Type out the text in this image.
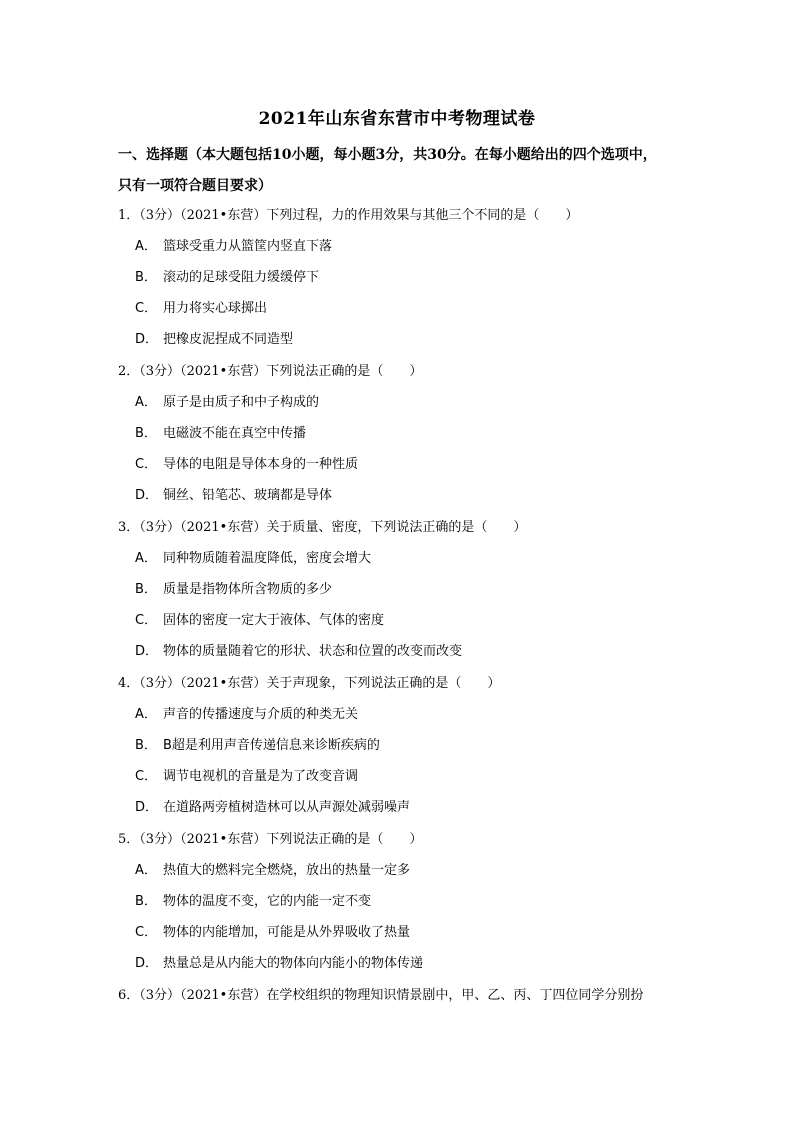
2021年山东省东营市中考物理试卷
一、选择题（本大题包括10小题，每小题3分，共30分。在每小题给出的四个选项中，
只有一项符合题目要求）
1．（3分）（2021•东营）下列过程，力的作用效果与其他三个不同的是（　　）
A． 篮球受重力从篮筐内竖直下落
B． 滚动的足球受阻力缓缓停下
C． 用力将实心球掷出
D． 把橡皮泥捏成不同造型
2．（3分）（2021•东营）下列说法正确的是（　　）
A． 原子是由质子和中子构成的
B． 电磁波不能在真空中传播
C． 导体的电阻是导体本身的一种性质
D． 铜丝、铅笔芯、玻璃都是导体
3．（3分）（2021•东营）关于质量、密度，下列说法正确的是（　　）
A． 同种物质随着温度降低，密度会增大
B． 质量是指物体所含物质的多少
C． 固体的密度一定大于液体、气体的密度
D． 物体的质量随着它的形状、状态和位置的改变而改变
4．（3分）（2021•东营）关于声现象，下列说法正确的是（　　）
A． 声音的传播速度与介质的种类无关
B． B超是利用声音传递信息来诊断疾病的
C． 调节电视机的音量是为了改变音调
D． 在道路两旁植树造林可以从声源处减弱噪声
5．（3分）（2021•东营）下列说法正确的是（　　）
A． 热值大的燃料完全燃烧，放出的热量一定多
B． 物体的温度不变，它的内能一定不变
C． 物体的内能增加，可能是从外界吸收了热量
D． 热量总是从内能大的物体向内能小的物体传递
6．（3分）（2021•东营）在学校组织的物理知识情景剧中，甲、乙、丙、丁四位同学分别扮
